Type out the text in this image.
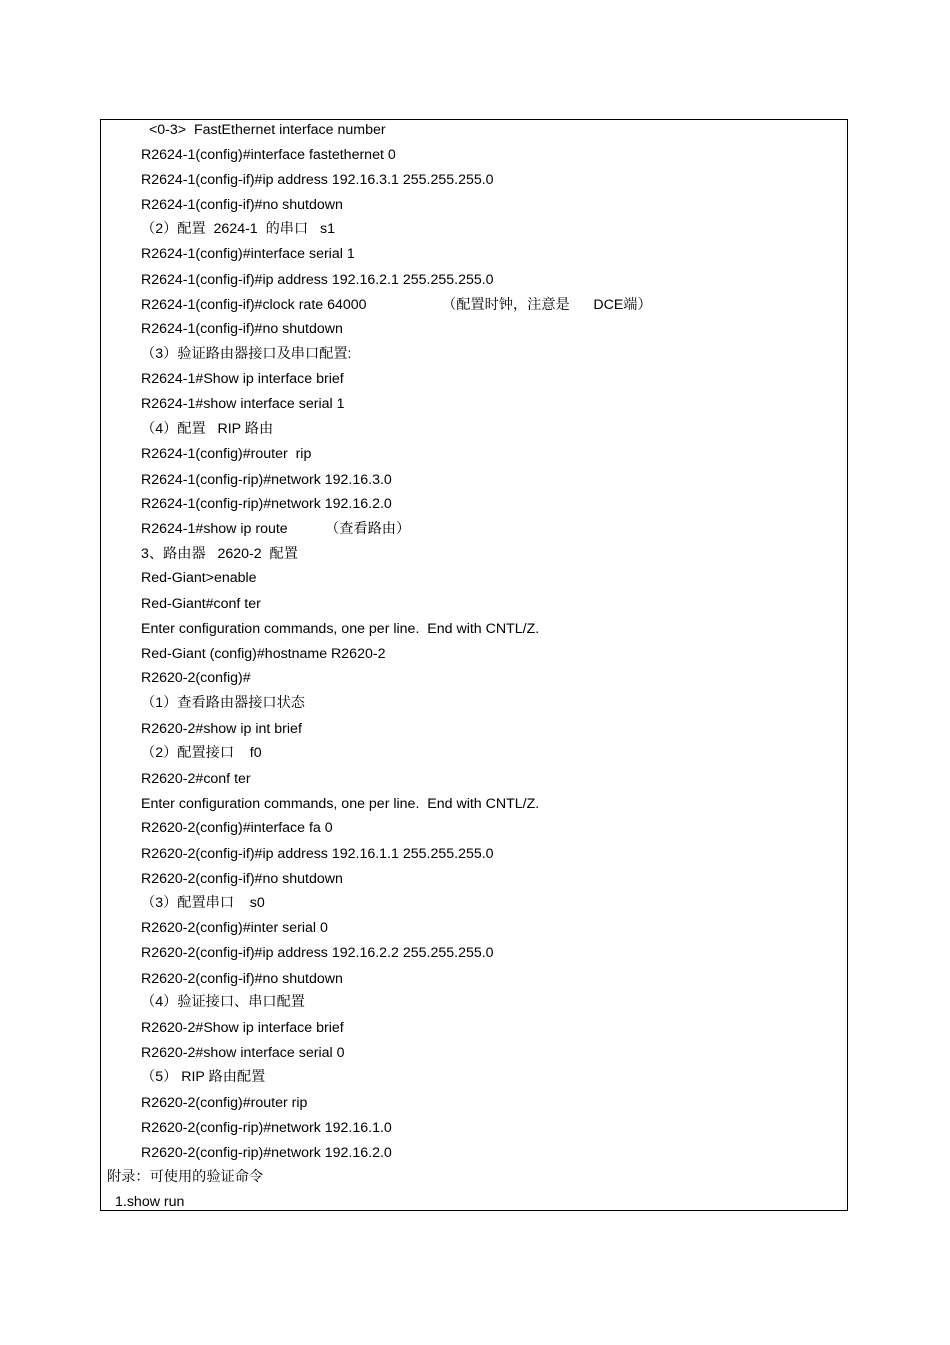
<0-3>  FastEthernet interface number
R2624-1(config)#interface fastethernet 0
R2624-1(config-if)#ip address 192.16.3.1 255.255.255.0
R2624-1(config-if)#no shutdown
（2）配置  2624-1  的串口   s1
R2624-1(config)#interface serial 1
R2624-1(config-if)#ip address 192.16.2.1 255.255.255.0
R2624-1(config-if)#clock rate 64000	（配置时钟，注意是      DCE端）
R2624-1(config-if)#no shutdown
（3）验证路由器接口及串口配置:
R2624-1#Show ip interface brief
R2624-1#show interface serial 1
（4）配置   RIP 路由
R2624-1(config)#router  rip
R2624-1(config-rip)#network 192.16.3.0
R2624-1(config-rip)#network 192.16.2.0
R2624-1#show ip route	（查看路由）
3、路由器   2620-2  配置
Red-Giant>enable
Red-Giant#conf ter
Enter configuration commands, one per line.  End with CNTL/Z.
Red-Giant (config)#hostname R2620-2
R2620-2(config)#
（1）查看路由器接口状态
R2620-2#show ip int brief
（2）配置接口    f0
R2620-2#conf ter
Enter configuration commands, one per line.  End with CNTL/Z.
R2620-2(config)#interface fa 0
R2620-2(config-if)#ip address 192.16.1.1 255.255.255.0
R2620-2(config-if)#no shutdown
（3）配置串口    s0
R2620-2(config)#inter serial 0
R2620-2(config-if)#ip address 192.16.2.2 255.255.255.0
R2620-2(config-if)#no shutdown
（4）验证接口、串口配置
R2620-2#Show ip interface brief
R2620-2#show interface serial 0
（5） RIP 路由配置
R2620-2(config)#router rip
R2620-2(config-rip)#network 192.16.1.0
R2620-2(config-rip)#network 192.16.2.0
附录：可使用的验证命令
1.show run
